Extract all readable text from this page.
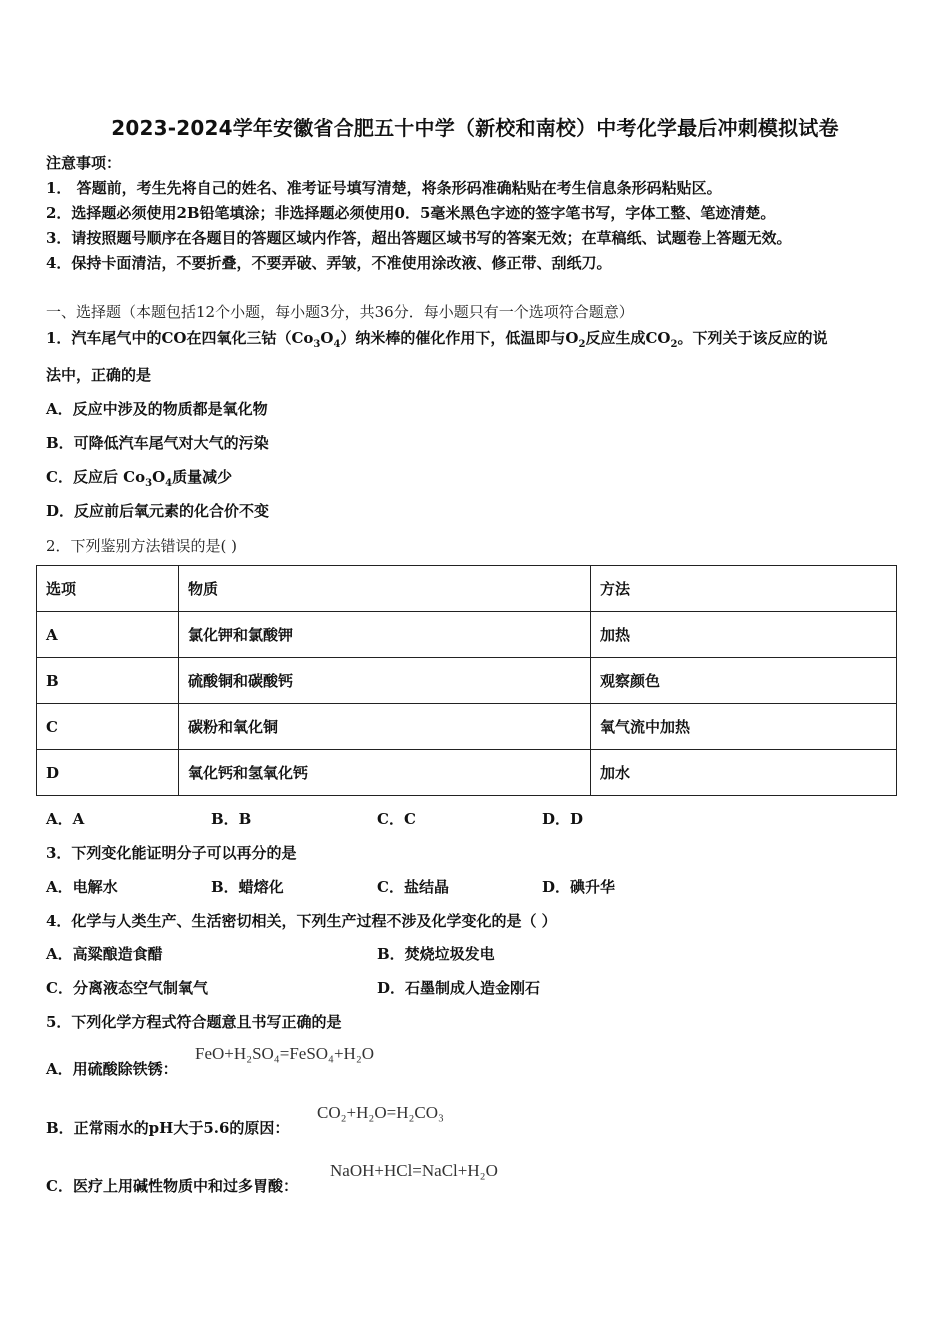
2023-2024学年安徽省合肥五十中学（新校和南校）中考化学最后冲刺模拟试卷
注意事项：
1． 答题前，考生先将自己的姓名、准考证号填写清楚，将条形码准确粘贴在考生信息条形码粘贴区。
2．选择题必须使用2B铅笔填涂；非选择题必须使用0．5毫米黑色字迹的签字笔书写，字体工整、笔迹清楚。
3．请按照题号顺序在各题目的答题区域内作答，超出答题区域书写的答案无效；在草稿纸、试题卷上答题无效。
4．保持卡面清洁，不要折叠，不要弄破、弄皱，不准使用涂改液、修正带、刮纸刀。
一、选择题（本题包括12个小题，每小题3分，共36分．每小题只有一个选项符合题意）
1．汽车尾气中的CO在四氧化三钴$(Co_3O_4)$纳米棒的催化作用下，低温即与$O_2$反应生成$CO_2$。下列关于该反应的说
法中，正确的是
A．反应中涉及的物质都是氧化物
B．可降低汽车尾气对大气的污染
C．反应后 $Co_3O_4$质量减少
D．反应前后氧元素的化合价不变
2．下列鉴别方法错误的是( )
选项	物质	方法
A	氯化钾和氯酸钾	加热
B	硫酸铜和碳酸钙	观察颜色
C	碳粉和氧化铜	氧气流中加热
D	氧化钙和氢氧化钙	加水
A．A	B．B	C．C	D．D
3．下列变化能证明分子可以再分的是
A．电解水	B．蜡熔化	C．盐结晶	D．碘升华
4．化学与人类生产、生活密切相关，下列生产过程不涉及化学变化的是（ ）
A．高粱酿造食醋	B．焚烧垃圾发电
C．分离液态空气制氧气	D．石墨制成人造金刚石
5．下列化学方程式符合题意且书写正确的是
A．用硫酸除铁锈：
FeO+H₂SO₄=FeSO₄+H₂O
B．正常雨水的pH大于5.6的原因：
CO₂+H₂O=H₂CO₃
C．医疗上用碱性物质中和过多胃酸：
NaOH+HCl=NaCl+H₂O
